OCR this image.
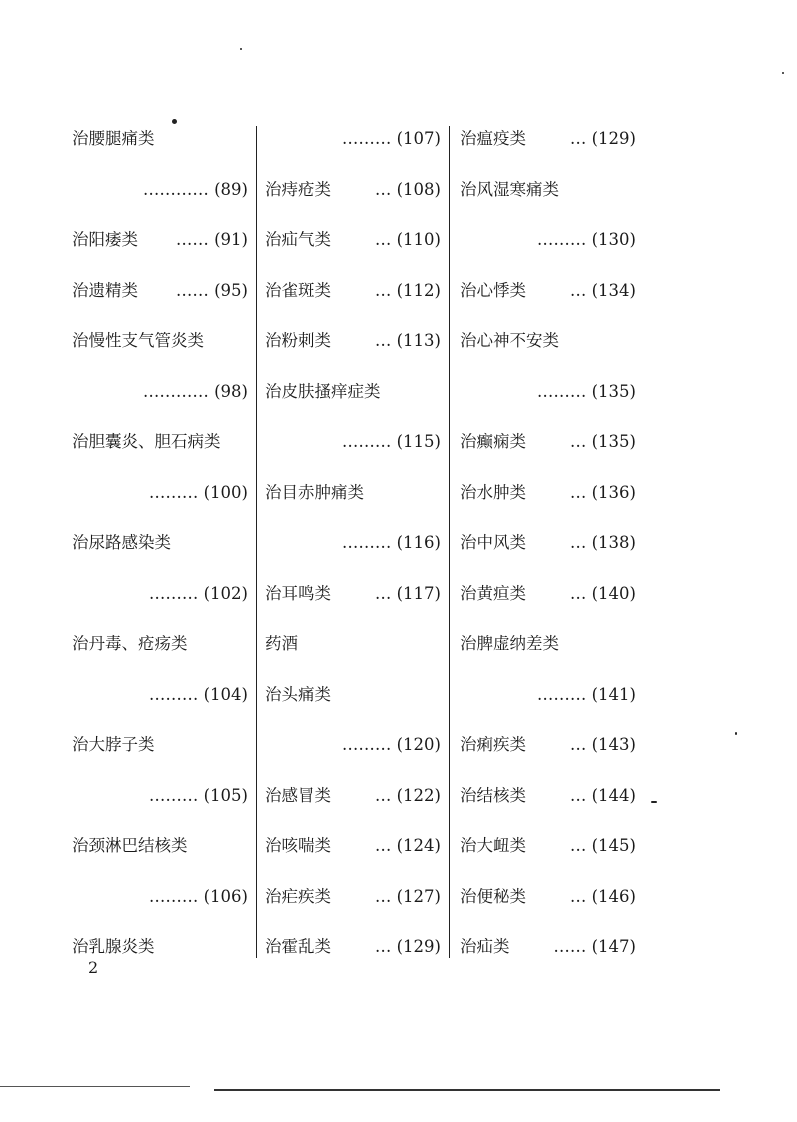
治腰腿痛类
………… (89)
治阳痿类 …… (91)
治遗精类 …… (95)
治慢性支气管炎类
………… (98)
治胆囊炎、胆石病类
……… (100)
治尿路感染类
……… (102)
治丹毒、疮疡类
……… (104)
治大脖子类
……… (105)
治颈淋巴结核类
……… (106)
治乳腺炎类
……… (107)
治痔疮类	… (108)
治疝气类	… (110)
治雀斑类	… (112)
治粉刺类	… (113)
治皮肤搔痒症类
……… (115)
治目赤肿痛类
……… (116)
治耳鸣类	… (117)
药酒
治头痛类
……… (120)
治感冒类	… (122)
治咳喘类	… (124)
治疟疾类	… (127)
治霍乱类	… (129)
治瘟疫类	… (129)
治风湿寒痛类
……… (130)
治心悸类	… (134)
治心神不安类
……… (135)
治癫痫类	… (135)
治水肿类	… (136)
治中风类	… (138)
治黄疸类	… (140)
治脾虚纳差类
……… (141)
治痢疾类	… (143)
治结核类	… (144)
治大衄类	… (145)
治便秘类	… (146)
治疝类	…… (147)
2
